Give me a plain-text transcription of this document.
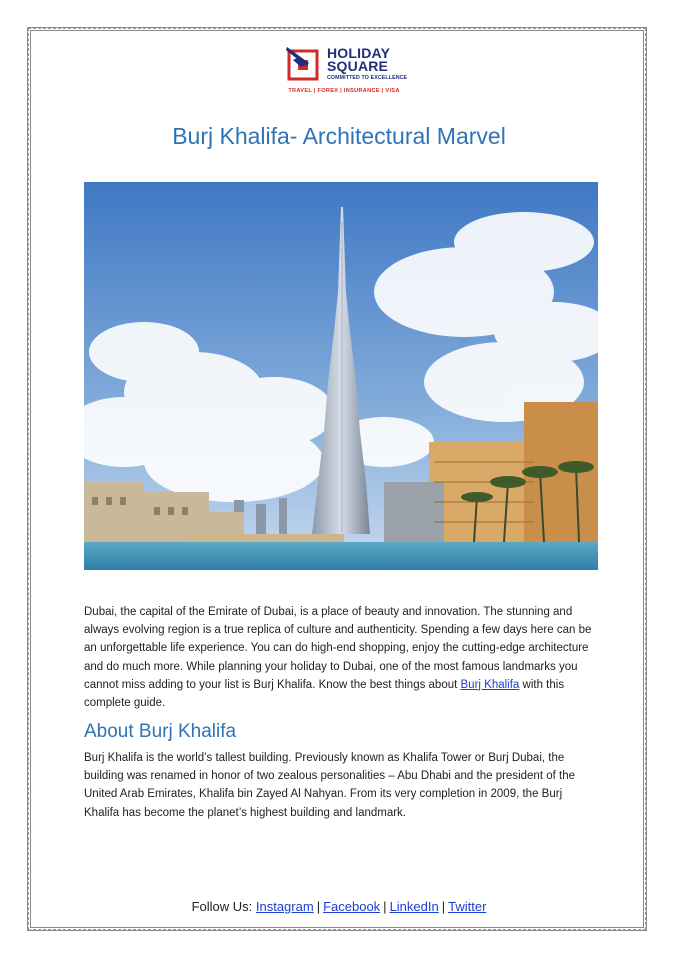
HOLIDAY
SQUARE
COMMITTED TO EXCELLENCE
TRAVEL | FOREX | INSURANCE | VISA
Burj Khalifa- Architectural Marvel

Dubai, the capital of the Emirate of Dubai, is a place of beauty and innovation. The stunning and always evolving region is a true replica of culture and authenticity. Spending a few days here can be an unforgettable life experience. You can do high-end shopping, enjoy the cutting-edge architecture and do much more. While planning your holiday to Dubai, one of the most famous landmarks you cannot miss adding to your list is Burj Khalifa. Know the best things about Burj Khalifa with this complete guide.

About Burj Khalifa

Burj Khalifa is the world’s tallest building. Previously known as Khalifa Tower or Burj Dubai, the building was renamed in honor of two zealous personalities – Abu Dhabi and the president of the United Arab Emirates, Khalifa bin Zayed Al Nahyan. From its very completion in 2009, the Burj Khalifa has become the planet’s highest building and landmark.

Follow Us: Instagram | Facebook | LinkedIn | Twitter
